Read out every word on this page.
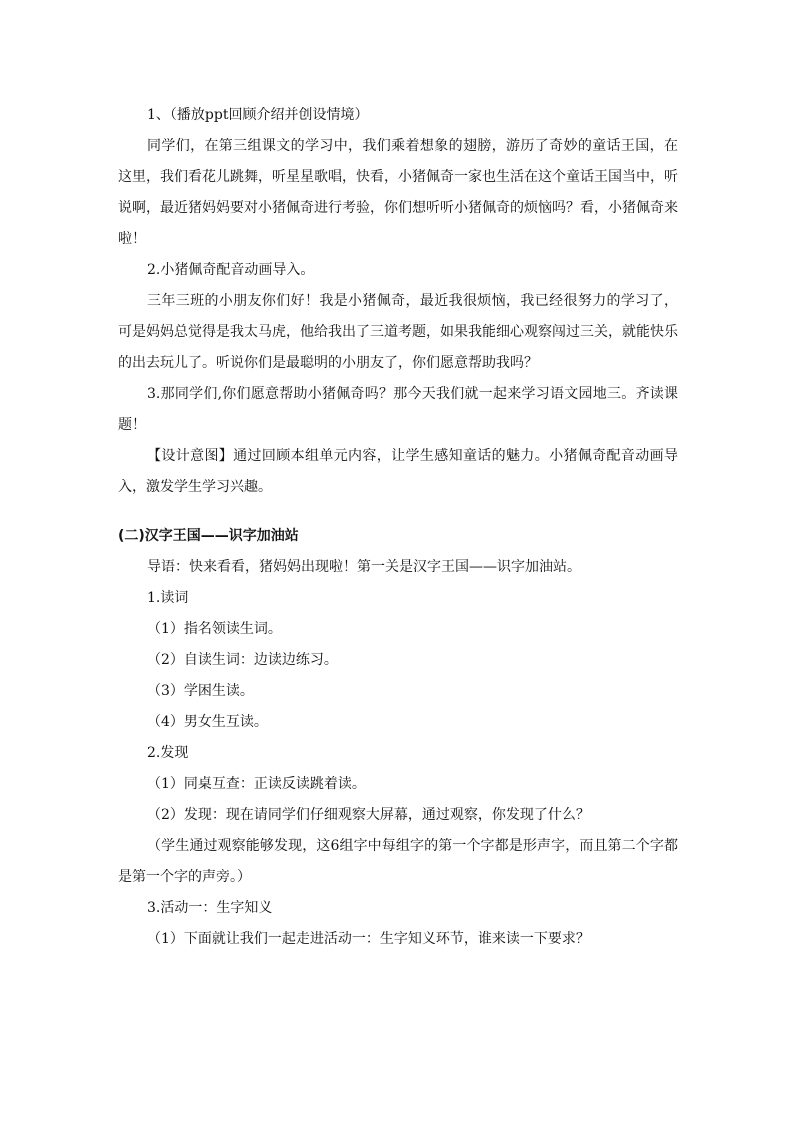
1、（播放ppt回顾介绍并创设情境）

同学们，在第三组课文的学习中，我们乘着想象的翅膀，游历了奇妙的童话王国，在这里，我们看花儿跳舞，听星星歌唱，快看，小猪佩奇一家也生活在这个童话王国当中，听说啊，最近猪妈妈要对小猪佩奇进行考验，你们想听听小猪佩奇的烦恼吗？看，小猪佩奇来啦！

2.小猪佩奇配音动画导入。

三年三班的小朋友你们好！我是小猪佩奇，最近我很烦恼，我已经很努力的学习了，可是妈妈总觉得是我太马虎，他给我出了三道考题，如果我能细心观察闯过三关，就能快乐的出去玩儿了。听说你们是最聪明的小朋友了，你们愿意帮助我吗？

3.那同学们,你们愿意帮助小猪佩奇吗？那今天我们就一起来学习语文园地三。齐读课题！

【设计意图】通过回顾本组单元内容，让学生感知童话的魅力。小猪佩奇配音动画导入，激发学生学习兴趣。

(二)汉字王国——识字加油站

导语：快来看看，猪妈妈出现啦！第一关是汉字王国——识字加油站。

1.读词

（1）指名领读生词。

（2）自读生词：边读边练习。

（3）学困生读。

（4）男女生互读。

2.发现

（1）同桌互查：正读反读跳着读。

（2）发现：现在请同学们仔细观察大屏幕，通过观察，你发现了什么？

（学生通过观察能够发现，这6组字中每组字的第一个字都是形声字，而且第二个字都是第一个字的声旁。）

3.活动一：生字知义

（1）下面就让我们一起走进活动一：生字知义环节，谁来读一下要求？
